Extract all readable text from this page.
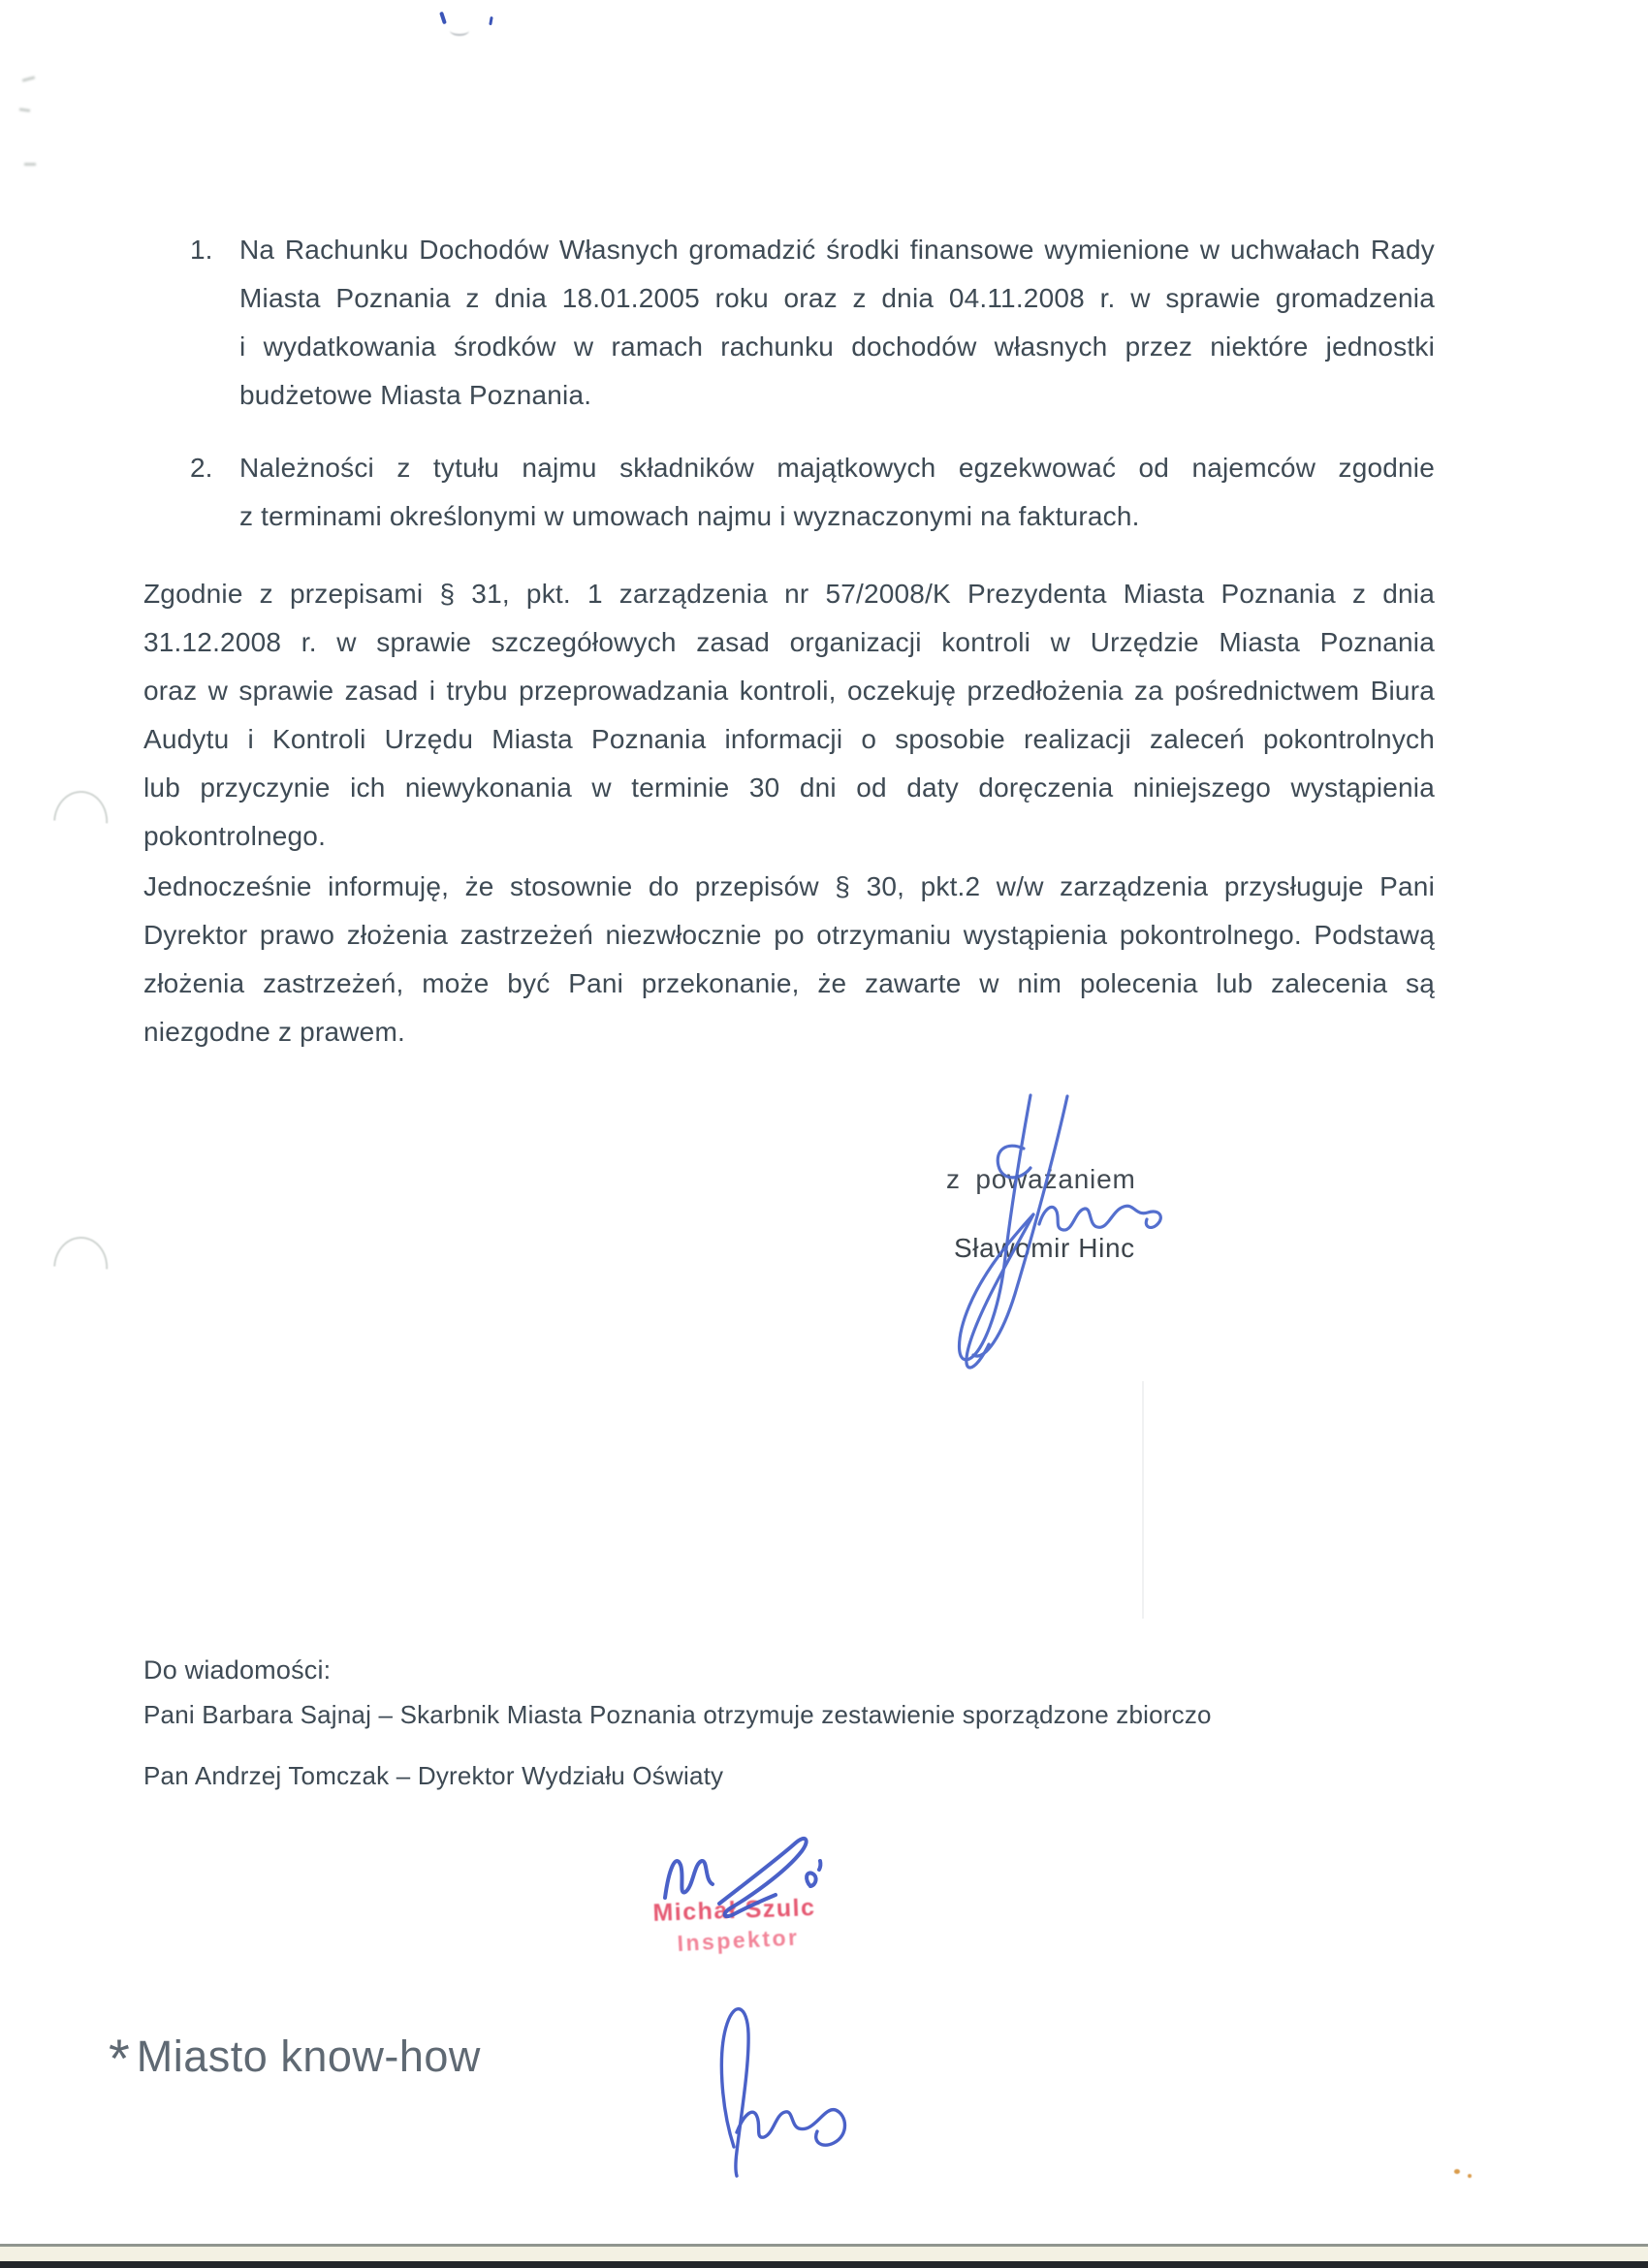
1. Na Rachunku Dochodów Własnych gromadzić środki finansowe wymienione w uchwałach Rady
Miasta Poznania z dnia 18.01.2005 roku oraz z dnia 04.11.2008 r. w sprawie gromadzenia
i wydatkowania środków w ramach rachunku dochodów własnych przez niektóre jednostki
budżetowe Miasta Poznania.
2. Należności z tytułu najmu składników majątkowych egzekwować od najemców zgodnie
z terminami określonymi w umowach najmu i wyznaczonymi na fakturach.
Zgodnie z przepisami § 31, pkt. 1 zarządzenia nr 57/2008/K Prezydenta Miasta Poznania z dnia
31.12.2008 r. w sprawie szczegółowych zasad organizacji kontroli w Urzędzie Miasta Poznania
oraz w sprawie zasad i trybu przeprowadzania kontroli, oczekuję przedłożenia za pośrednictwem Biura
Audytu i Kontroli Urzędu Miasta Poznania informacji o sposobie realizacji zaleceń pokontrolnych
lub przyczynie ich niewykonania w terminie 30 dni od daty doręczenia niniejszego wystąpienia
pokontrolnego.
Jednocześnie informuję, że stosownie do przepisów § 30, pkt.2 w/w zarządzenia przysługuje Pani
Dyrektor prawo złożenia zastrzeżeń niezwłocznie po otrzymaniu wystąpienia pokontrolnego. Podstawą
złożenia zastrzeżeń, może być Pani przekonanie, że zawarte w nim polecenia lub zalecenia są
niezgodne z prawem.
z poważaniem
Sławomir Hinc
Do wiadomości:
Pani Barbara Sajnaj – Skarbnik Miasta Poznania otrzymuje zestawienie sporządzone zbiorczo
Pan Andrzej Tomczak – Dyrektor Wydziału Oświaty
Michał Szulc
Inspektor
* Miasto know-how
